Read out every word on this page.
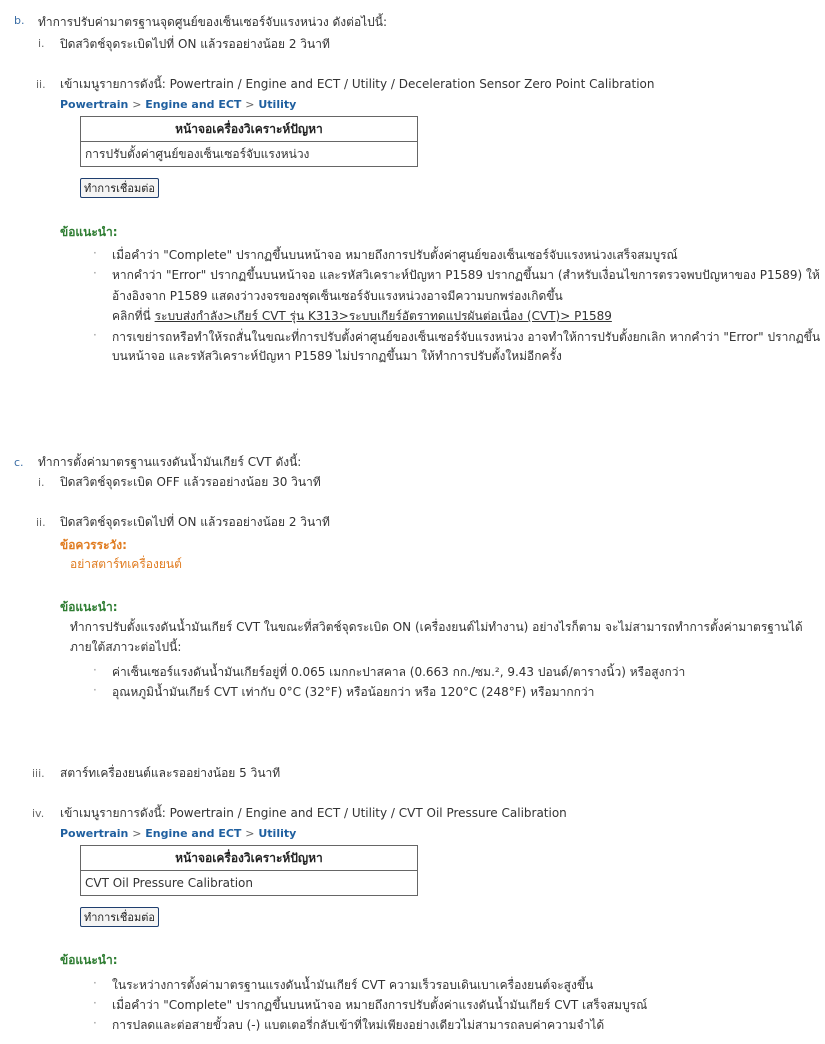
b. ทำการปรับค่ามาตรฐานจุดศูนย์ของเซ็นเซอร์จับแรงหน่วง ดังต่อไปนี้:
i. ปิดสวิตช์จุดระเบิดไปที่ ON แล้วรออย่างน้อย 2 วินาที
ii. เข้าเมนูรายการดังนี้: Powertrain / Engine and ECT / Utility / Deceleration Sensor Zero Point Calibration
Powertrain > Engine and ECT > Utility
หน้าจอเครื่องวิเคราะห์ปัญหา
การปรับตั้งค่าศูนย์ของเซ็นเซอร์จับแรงหน่วง
ทำการเชื่อมต่อ
ข้อแนะนำ:
· เมื่อคำว่า "Complete" ปรากฏขึ้นบนหน้าจอ หมายถึงการปรับตั้งค่าศูนย์ของเซ็นเซอร์จับแรงหน่วงเสร็จสมบูรณ์
· หากคำว่า "Error" ปรากฏขึ้นบนหน้าจอ และรหัสวิเคราะห์ปัญหา P1589 ปรากฏขึ้นมา (สำหรับเงื่อนไขการตรวจพบปัญหาของ P1589) ให้
อ้างอิงจาก P1589 แสดงว่าวงจรของชุดเซ็นเซอร์จับแรงหน่วงอาจมีความบกพร่องเกิดขึ้น
คลิกที่นี่ ระบบส่งกำลัง>เกียร์ CVT รุ่น K313>ระบบเกียร์อัตราทดแปรผันต่อเนื่อง (CVT)> P1589
· การเขย่ารถหรือทำให้รถสั่นในขณะที่การปรับตั้งค่าศูนย์ของเซ็นเซอร์จับแรงหน่วง อาจทำให้การปรับตั้งยกเลิก หากคำว่า "Error" ปรากฏขึ้น
บนหน้าจอ และรหัสวิเคราะห์ปัญหา P1589 ไม่ปรากฏขึ้นมา ให้ทำการปรับตั้งใหม่อีกครั้ง
c. ทำการตั้งค่ามาตรฐานแรงดันน้ำมันเกียร์ CVT ดังนี้:
i. ปิดสวิตช์จุดระเบิด OFF แล้วรออย่างน้อย 30 วินาที
ii. ปิดสวิตช์จุดระเบิดไปที่ ON แล้วรออย่างน้อย 2 วินาที
ข้อควรระวัง:
อย่าสตาร์ทเครื่องยนต์
ข้อแนะนำ:
ทำการปรับตั้งแรงดันน้ำมันเกียร์ CVT ในขณะที่สวิตช์จุดระเบิด ON (เครื่องยนต์ไม่ทำงาน) อย่างไรก็ตาม จะไม่สามารถทำการตั้งค่ามาตรฐานได้
ภายใต้สภาวะต่อไปนี้:
· ค่าเซ็นเซอร์แรงดันน้ำมันเกียร์อยู่ที่ 0.065 เมกกะปาสคาล (0.663 กก./ซม.², 9.43 ปอนด์/ตารางนิ้ว) หรือสูงกว่า
· อุณหภูมิน้ำมันเกียร์ CVT เท่ากับ 0°C (32°F) หรือน้อยกว่า หรือ 120°C (248°F) หรือมากกว่า
iii. สตาร์ทเครื่องยนต์และรออย่างน้อย 5 วินาที
iv. เข้าเมนูรายการดังนี้: Powertrain / Engine and ECT / Utility / CVT Oil Pressure Calibration
Powertrain > Engine and ECT > Utility
หน้าจอเครื่องวิเคราะห์ปัญหา
CVT Oil Pressure Calibration
ทำการเชื่อมต่อ
ข้อแนะนำ:
· ในระหว่างการตั้งค่ามาตรฐานแรงดันน้ำมันเกียร์ CVT ความเร็วรอบเดินเบาเครื่องยนต์จะสูงขึ้น
· เมื่อคำว่า "Complete" ปรากฏขึ้นบนหน้าจอ หมายถึงการปรับตั้งค่าแรงดันน้ำมันเกียร์ CVT เสร็จสมบูรณ์
· การปลดและต่อสายขั้วลบ (-) แบตเตอรี่กลับเข้าที่ใหม่เพียงอย่างเดียวไม่สามารถลบค่าความจำได้
